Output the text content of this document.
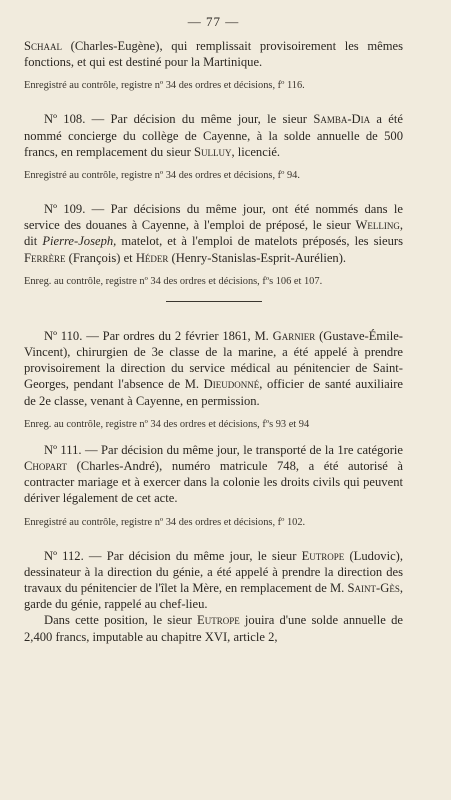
— 77 —

Schaal (Charles-Eugène), qui remplissait provisoirement les mêmes fonctions, et qui est destiné pour la Martinique.

Enregistré au contrôle, registre nº 34 des ordres et décisions, fº 116.

Nº 108. — Par décision du même jour, le sieur Samba-Dia a été nommé concierge du collège de Cayenne, à la solde annuelle de 500 francs, en remplacement du sieur Sulluy, licencié.

Enregistré au contrôle, registre nº 34 des ordres et décisions, fº 94.

Nº 109. — Par décisions du même jour, ont été nommés dans le service des douanes à Cayenne, à l'emploi de préposé, le sieur Welling, dit Pierre-Joseph, matelot, et à l'emploi de matelots préposés, les sieurs Ferrère (François) et Héder (Henry-Stanislas-Esprit-Aurélien).

Enreg. au contrôle, registre nº 34 des ordres et décisions, fºs 106 et 107.

Nº 110. — Par ordres du 2 février 1861, M. Garnier (Gustave-Émile-Vincent), chirurgien de 3e classe de la marine, a été appelé à prendre provisoirement la direction du service médical au pénitencier de Saint-Georges, pendant l'absence de M. Dieudonné, officier de santé auxiliaire de 2e classe, venant à Cayenne, en permission.

Enreg. au contrôle, registre nº 34 des ordres et décisions, fºs 93 et 94

Nº 111. — Par décision du même jour, le transporté de la 1re catégorie Chopart (Charles-André), numéro matricule 748, a été autorisé à contracter mariage et à exercer dans la colonie les droits civils qui peuvent dériver légalement de cet acte.

Enregistré au contrôle, registre nº 34 des ordres et décisions, fº 102.

Nº 112. — Par décision du même jour, le sieur Eutrope (Ludovic), dessinateur à la direction du génie, a été appelé à prendre la direction des travaux du pénitencier de l'îlet la Mère, en remplacement de M. Saint-Gès, garde du génie, rappelé au chef-lieu.

Dans cette position, le sieur Eutrope jouira d'une solde annuelle de 2,400 francs, imputable au chapitre XVI, article 2,
